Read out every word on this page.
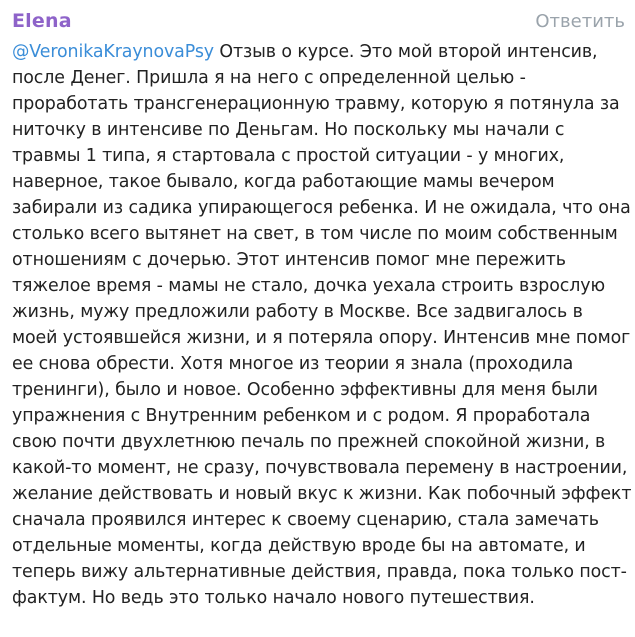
Elena	Ответить

@VeronikaKraynovaPsy Отзыв о курсе. Это мой второй интенсив, после Денег. Пришла я на него с определенной целью - проработать трансгенерационную травму, которую я потянула за ниточку в интенсиве по Деньгам. Но поскольку мы начали с травмы 1 типа, я стартовала с простой ситуации - у многих, наверное, такое бывало, когда работающие мамы вечером забирали из садика упирающегося ребенка. И не ожидала, что она столько всего вытянет на свет, в том числе по моим собственным отношениям с дочерью. Этот интенсив помог мне пережить тяжелое время - мамы не стало, дочка уехала строить взрослую жизнь, мужу предложили работу в Москве. Все задвигалось в моей устоявшейся жизни, и я потеряла опору. Интенсив мне помог ее снова обрести. Хотя многое из теории я знала (проходила тренинги), было и новое. Особенно эффективны для меня были упражнения с Внутренним ребенком и с родом. Я проработала свою почти двухлетнюю печаль по прежней спокойной жизни, в какой-то момент, не сразу, почувствовала перемену в настроении, желание действовать и новый вкус к жизни. Как побочный эффект сначала проявился интерес к своему сценарию, стала замечать отдельные моменты, когда действую вроде бы на автомате, и теперь вижу альтернативные действия, правда, пока только пост-фактум. Но ведь это только начало нового путешествия.
